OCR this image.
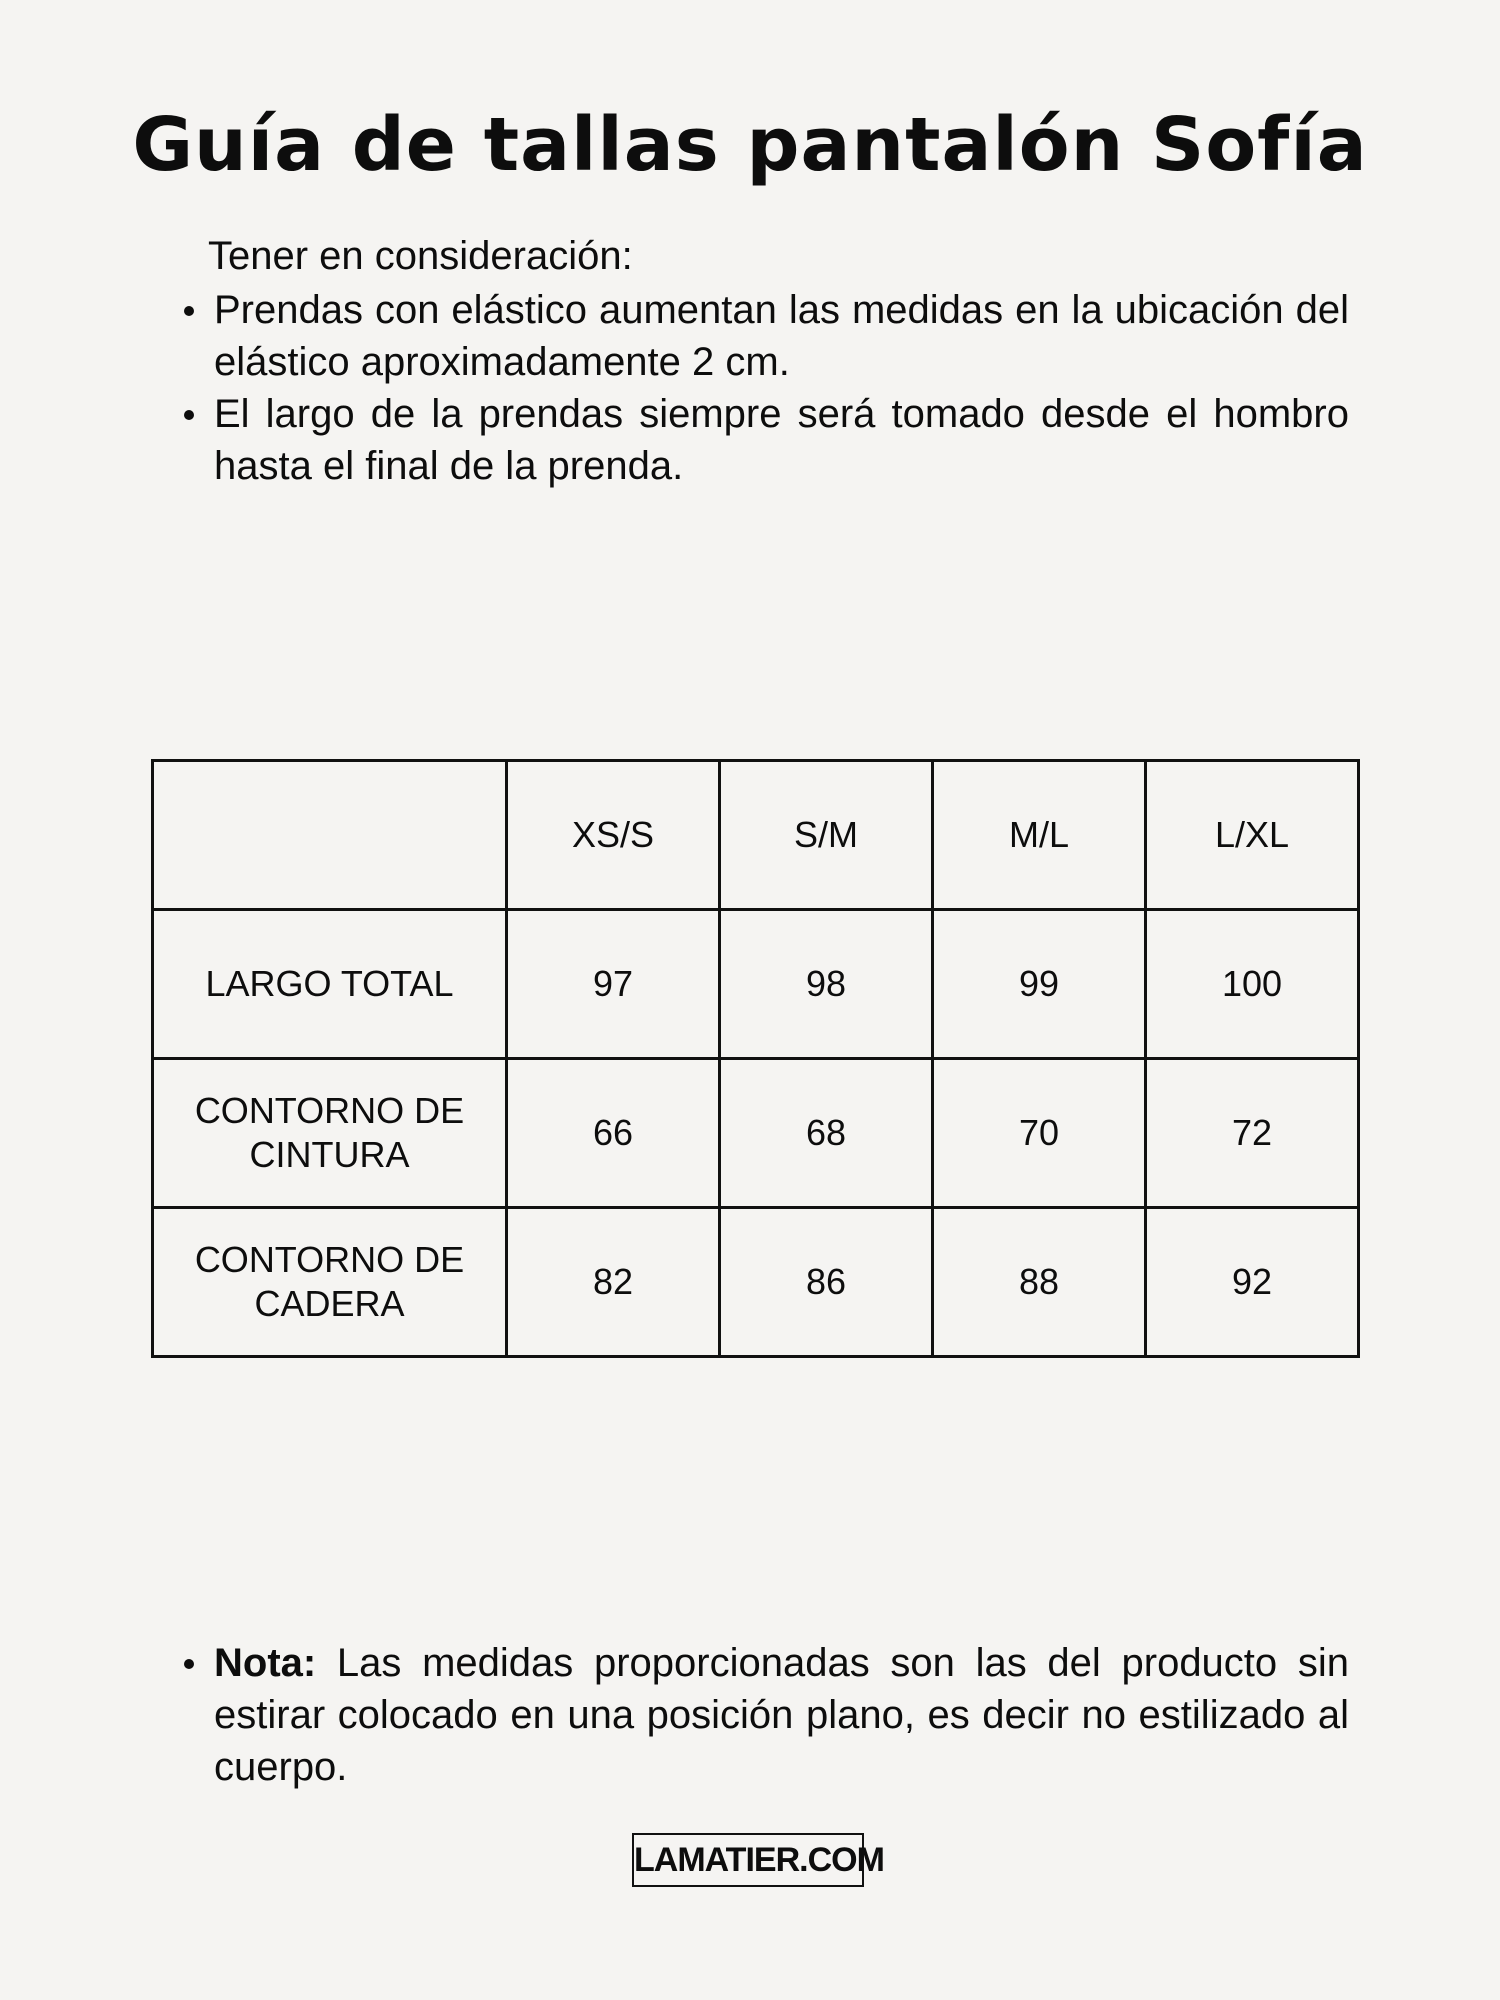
Guía de tallas pantalón Sofía
Tener en consideración:
Prendas con elástico aumentan las medidas en la ubicación del elástico aproximadamente 2 cm.
El largo de la prendas siempre será tomado desde el hombro hasta el final de la prenda.
	XS/S	S/M	M/L	L/XL
LARGO TOTAL	97	98	99	100
CONTORNO DE CINTURA	66	68	70	72
CONTORNO DE CADERA	82	86	88	92
Nota: Las medidas proporcionadas son las del producto sin estirar colocado en una posición plano, es decir no estilizado al cuerpo.
LAMATIER.COM
